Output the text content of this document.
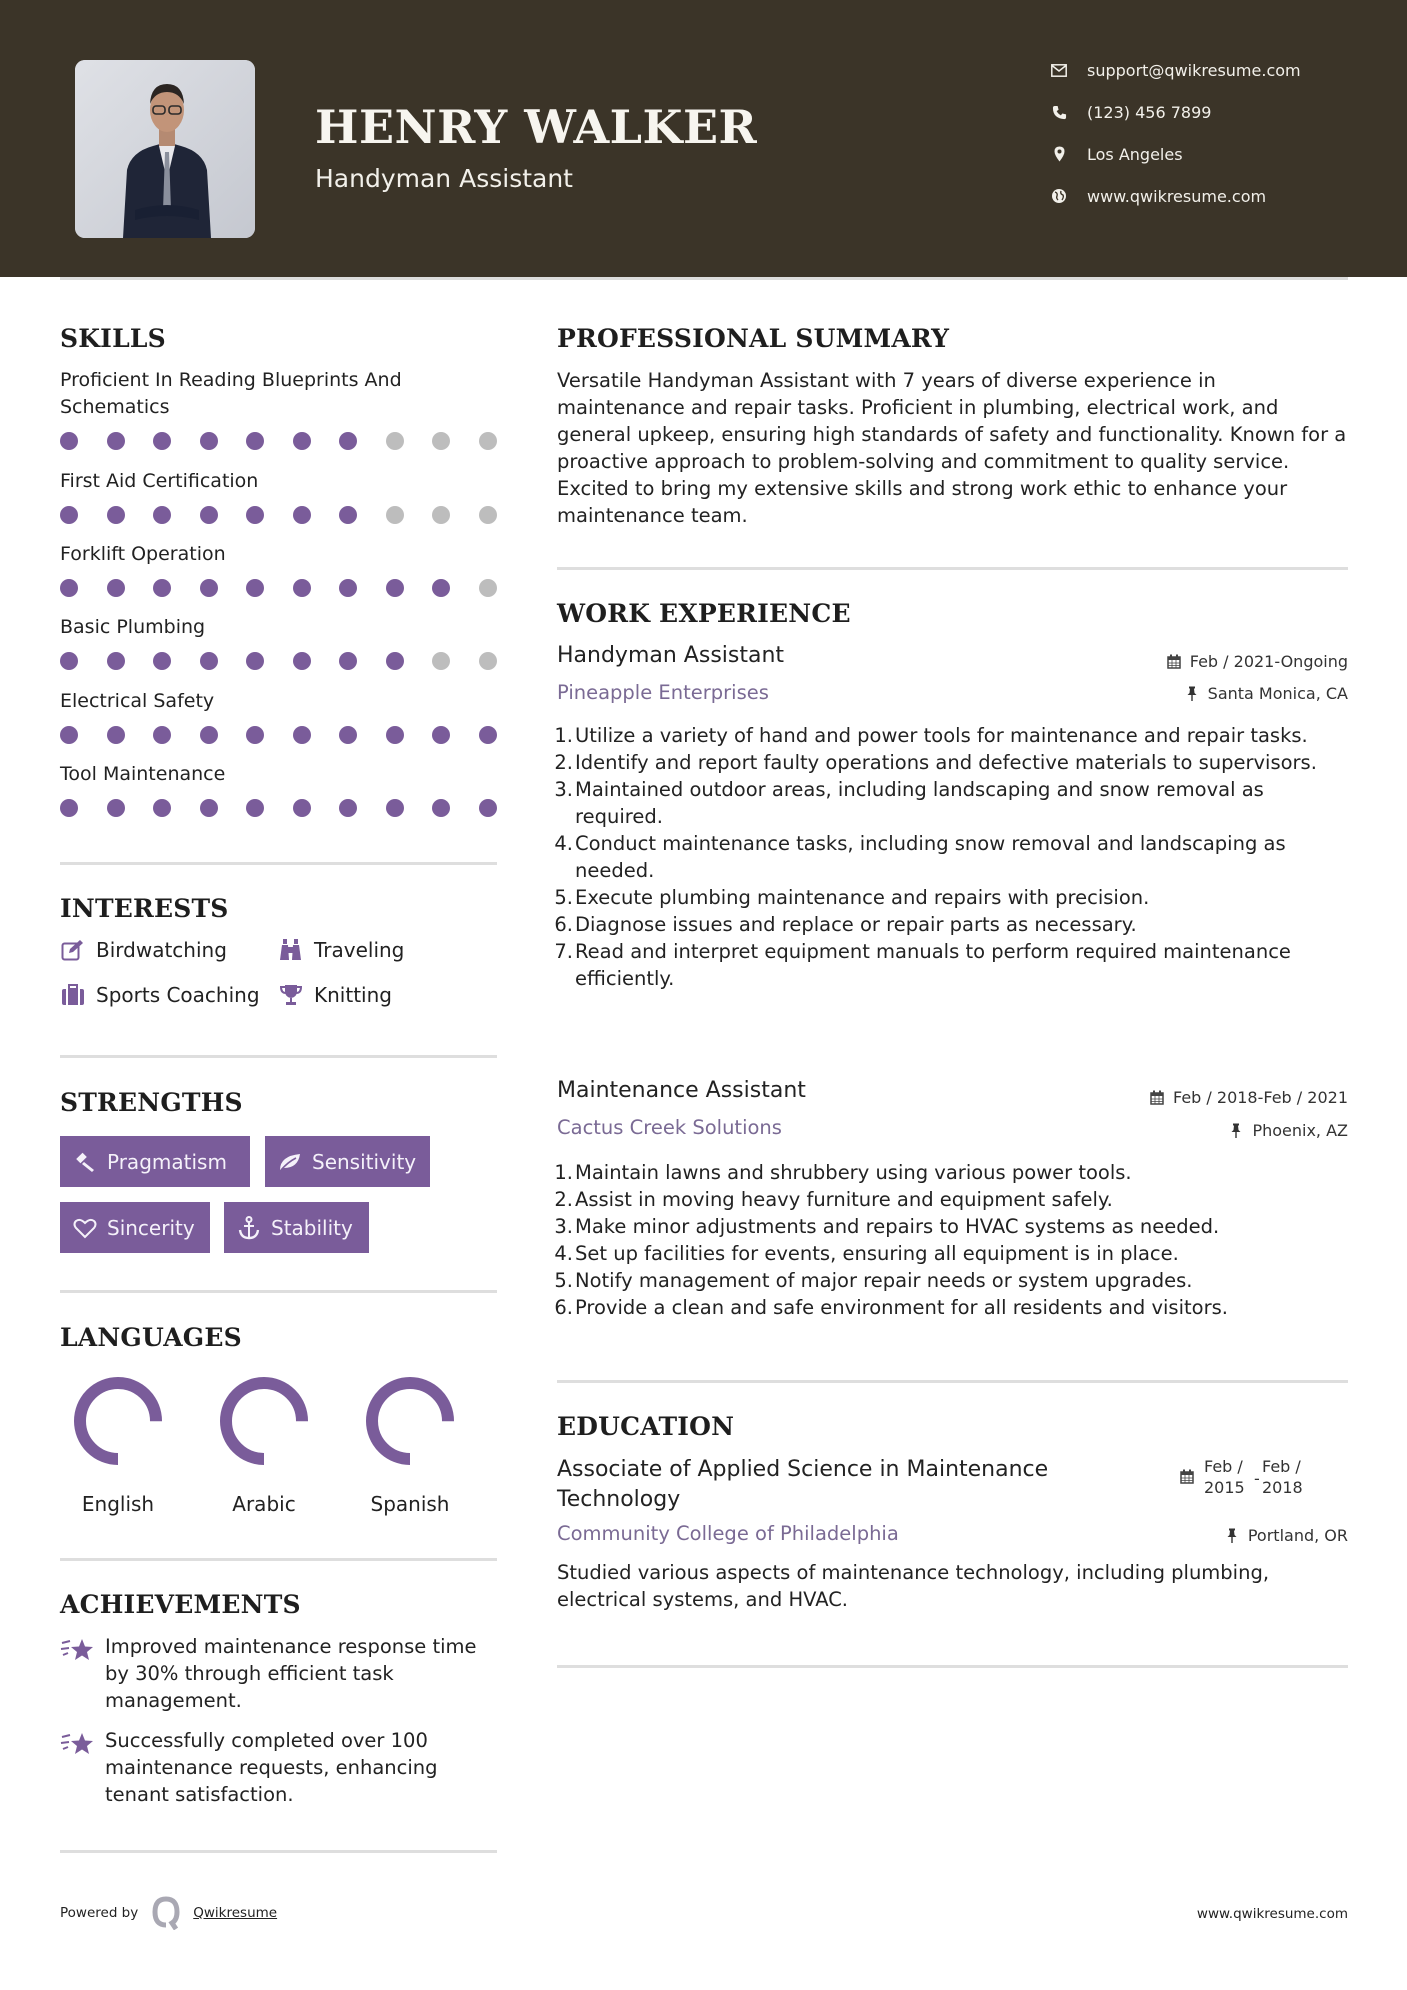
HENRY WALKER
Handyman Assistant
support@qwikresume.com
(123) 456 7899
Los Angeles
www.qwikresume.com
SKILLS
Proficient In Reading Blueprints And Schematics
First Aid Certification
Forklift Operation
Basic Plumbing
Electrical Safety
Tool Maintenance
INTERESTS
Birdwatching	Traveling
Sports Coaching	Knitting
STRENGTHS
Pragmatism	Sensitivity
Sincerity	Stability
LANGUAGES
English	Arabic	Spanish
ACHIEVEMENTS
Improved maintenance response time by 30% through efficient task management.
Successfully completed over 100 maintenance requests, enhancing tenant satisfaction.
PROFESSIONAL SUMMARY
Versatile Handyman Assistant with 7 years of diverse experience in maintenance and repair tasks. Proficient in plumbing, electrical work, and general upkeep, ensuring high standards of safety and functionality. Known for a proactive approach to problem-solving and commitment to quality service. Excited to bring my extensive skills and strong work ethic to enhance your maintenance team.
WORK EXPERIENCE
Handyman Assistant	Feb / 2021-Ongoing
Pineapple Enterprises	Santa Monica, CA
1. Utilize a variety of hand and power tools for maintenance and repair tasks.
2. Identify and report faulty operations and defective materials to supervisors.
3. Maintained outdoor areas, including landscaping and snow removal as required.
4. Conduct maintenance tasks, including snow removal and landscaping as needed.
5. Execute plumbing maintenance and repairs with precision.
6. Diagnose issues and replace or repair parts as necessary.
7. Read and interpret equipment manuals to perform required maintenance efficiently.
Maintenance Assistant	Feb / 2018-Feb / 2021
Cactus Creek Solutions	Phoenix, AZ
1. Maintain lawns and shrubbery using various power tools.
2. Assist in moving heavy furniture and equipment safely.
3. Make minor adjustments and repairs to HVAC systems as needed.
4. Set up facilities for events, ensuring all equipment is in place.
5. Notify management of major repair needs or system upgrades.
6. Provide a clean and safe environment for all residents and visitors.
EDUCATION
Associate of Applied Science in Maintenance Technology
Feb /
2015 -
Feb /
2018
Community College of Philadelphia	Portland, OR
Studied various aspects of maintenance technology, including plumbing, electrical systems, and HVAC.
Powered by	Qwikresume	www.qwikresume.com
